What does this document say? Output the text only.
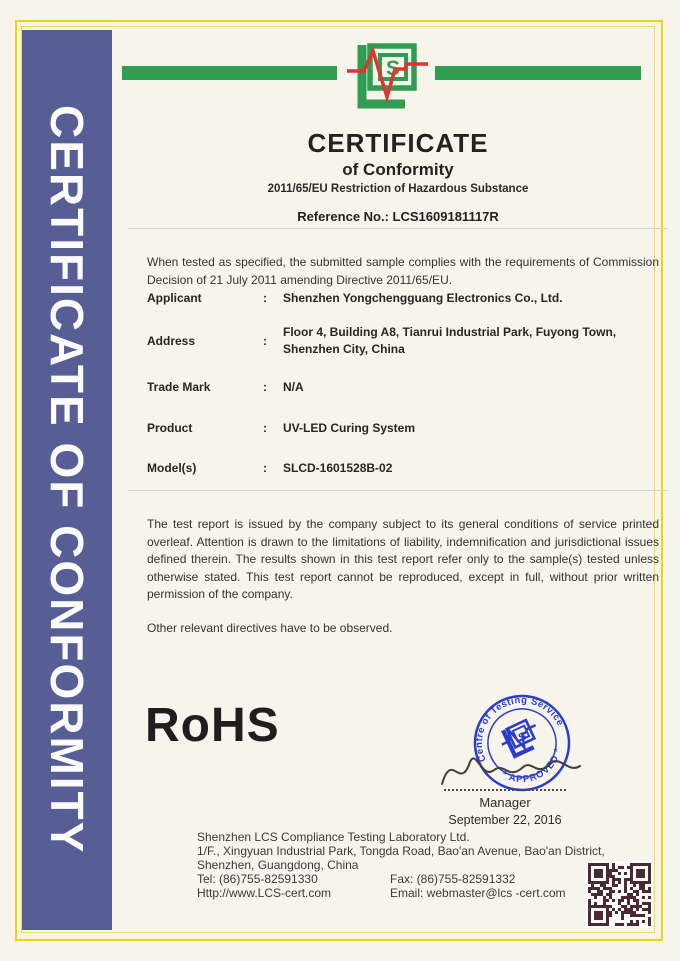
CERTIFICATE OF CONFORMITY
S
CERTIFICATE
of Conformity
2011/65/EU Restriction of Hazardous Substance
Reference No.: LCS1609181117R

When tested as specified, the submitted sample complies with the requirements of Commission Decision of 21 July 2011 amending Directive 2011/65/EU.

Applicant	:	Shenzhen Yongchengguang Electronics Co., Ltd.
Address	:
Floor 4, Building A8, Tianrui Industrial Park, Fuyong Town, Shenzhen City, China
Trade Mark	:	N/A
Product	:	UV-LED Curing System
Model(s)	:	SLCD-1601528B-02

The test report is issued by the company subject to its general conditions of service printed overleaf. Attention is drawn to the limitations of liability, indemnification and jurisdictional issues defined therein. The results shown in this test report refer only to the sample(s) tested unless otherwise stated. This test report cannot be reproduced, except in full, without prior written permission of the company.

Other relevant directives have to be observed.

RoHS
Centre of Testing Service
* APPROVED *
S
Manager
September 22, 2016
Shenzhen LCS Compliance Testing Laboratory Ltd.
1/F., Xingyuan Industrial Park, Tongda Road, Bao'an Avenue, Bao'an District,
Shenzhen, Guangdong, China
Tel: (86)755-82591330	Fax: (86)755-82591332
Http://www.LCS-cert.com	Email: webmaster@lcs -cert.com
